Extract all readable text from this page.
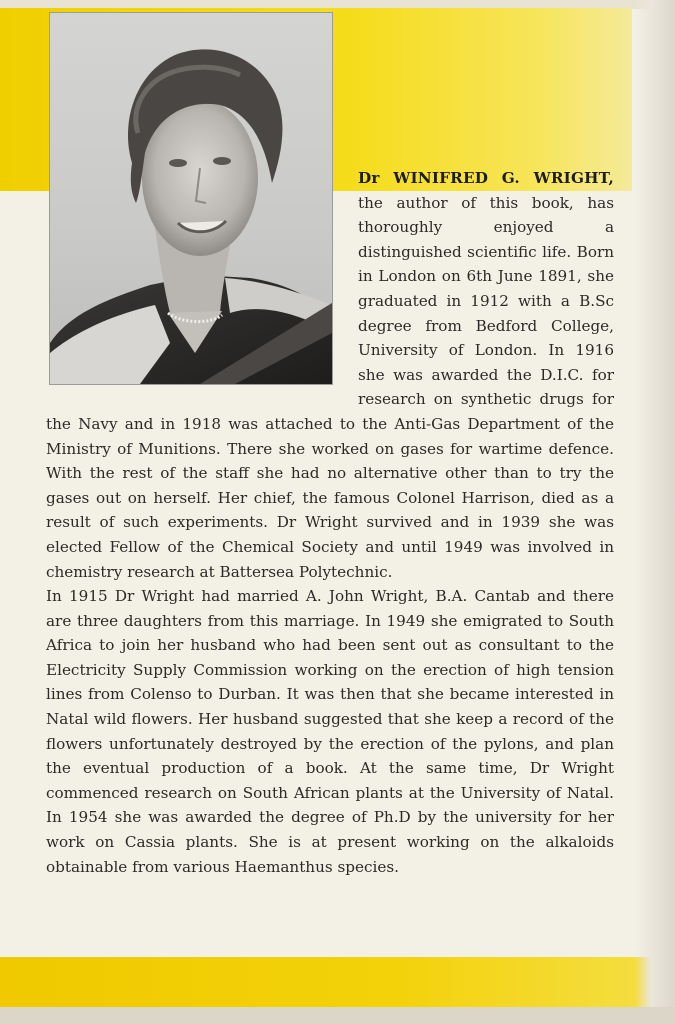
Dr WINIFRED G. WRIGHT, the author of this book, has thoroughly enjoyed a distinguished scientific life. Born in London on 6th June 1891, she graduated in 1912 with a B.Sc degree from Bedford College, University of London. In 1916 she was awarded the D.I.C. for research on synthetic drugs for the Navy and in 1918 was attached to the Anti-Gas Department of the Ministry of Munitions. There she worked on gases for wartime defence. With the rest of the staff she had no alternative other than to try the gases out on herself. Her chief, the famous Colonel Harrison, died as a result of such experiments. Dr Wright survived and in 1939 she was elected Fellow of the Chemical Society and until 1949 was involved in chemistry research at Battersea Polytechnic.

In 1915 Dr Wright had married A. John Wright, B.A. Cantab and there are three daughters from this marriage. In 1949 she emigrated to South Africa to join her husband who had been sent out as consultant to the Electricity Supply Commission working on the erection of high tension lines from Colenso to Durban. It was then that she became interested in Natal wild flowers. Her husband suggested that she keep a record of the flowers unfortunately destroyed by the erection of the pylons, and plan the eventual production of a book. At the same time, Dr Wright commenced research on South African plants at the University of Natal. In 1954 she was awarded the degree of Ph.D by the university for her work on Cassia plants. She is at present working on the alkaloids obtainable from various Haemanthus species.
